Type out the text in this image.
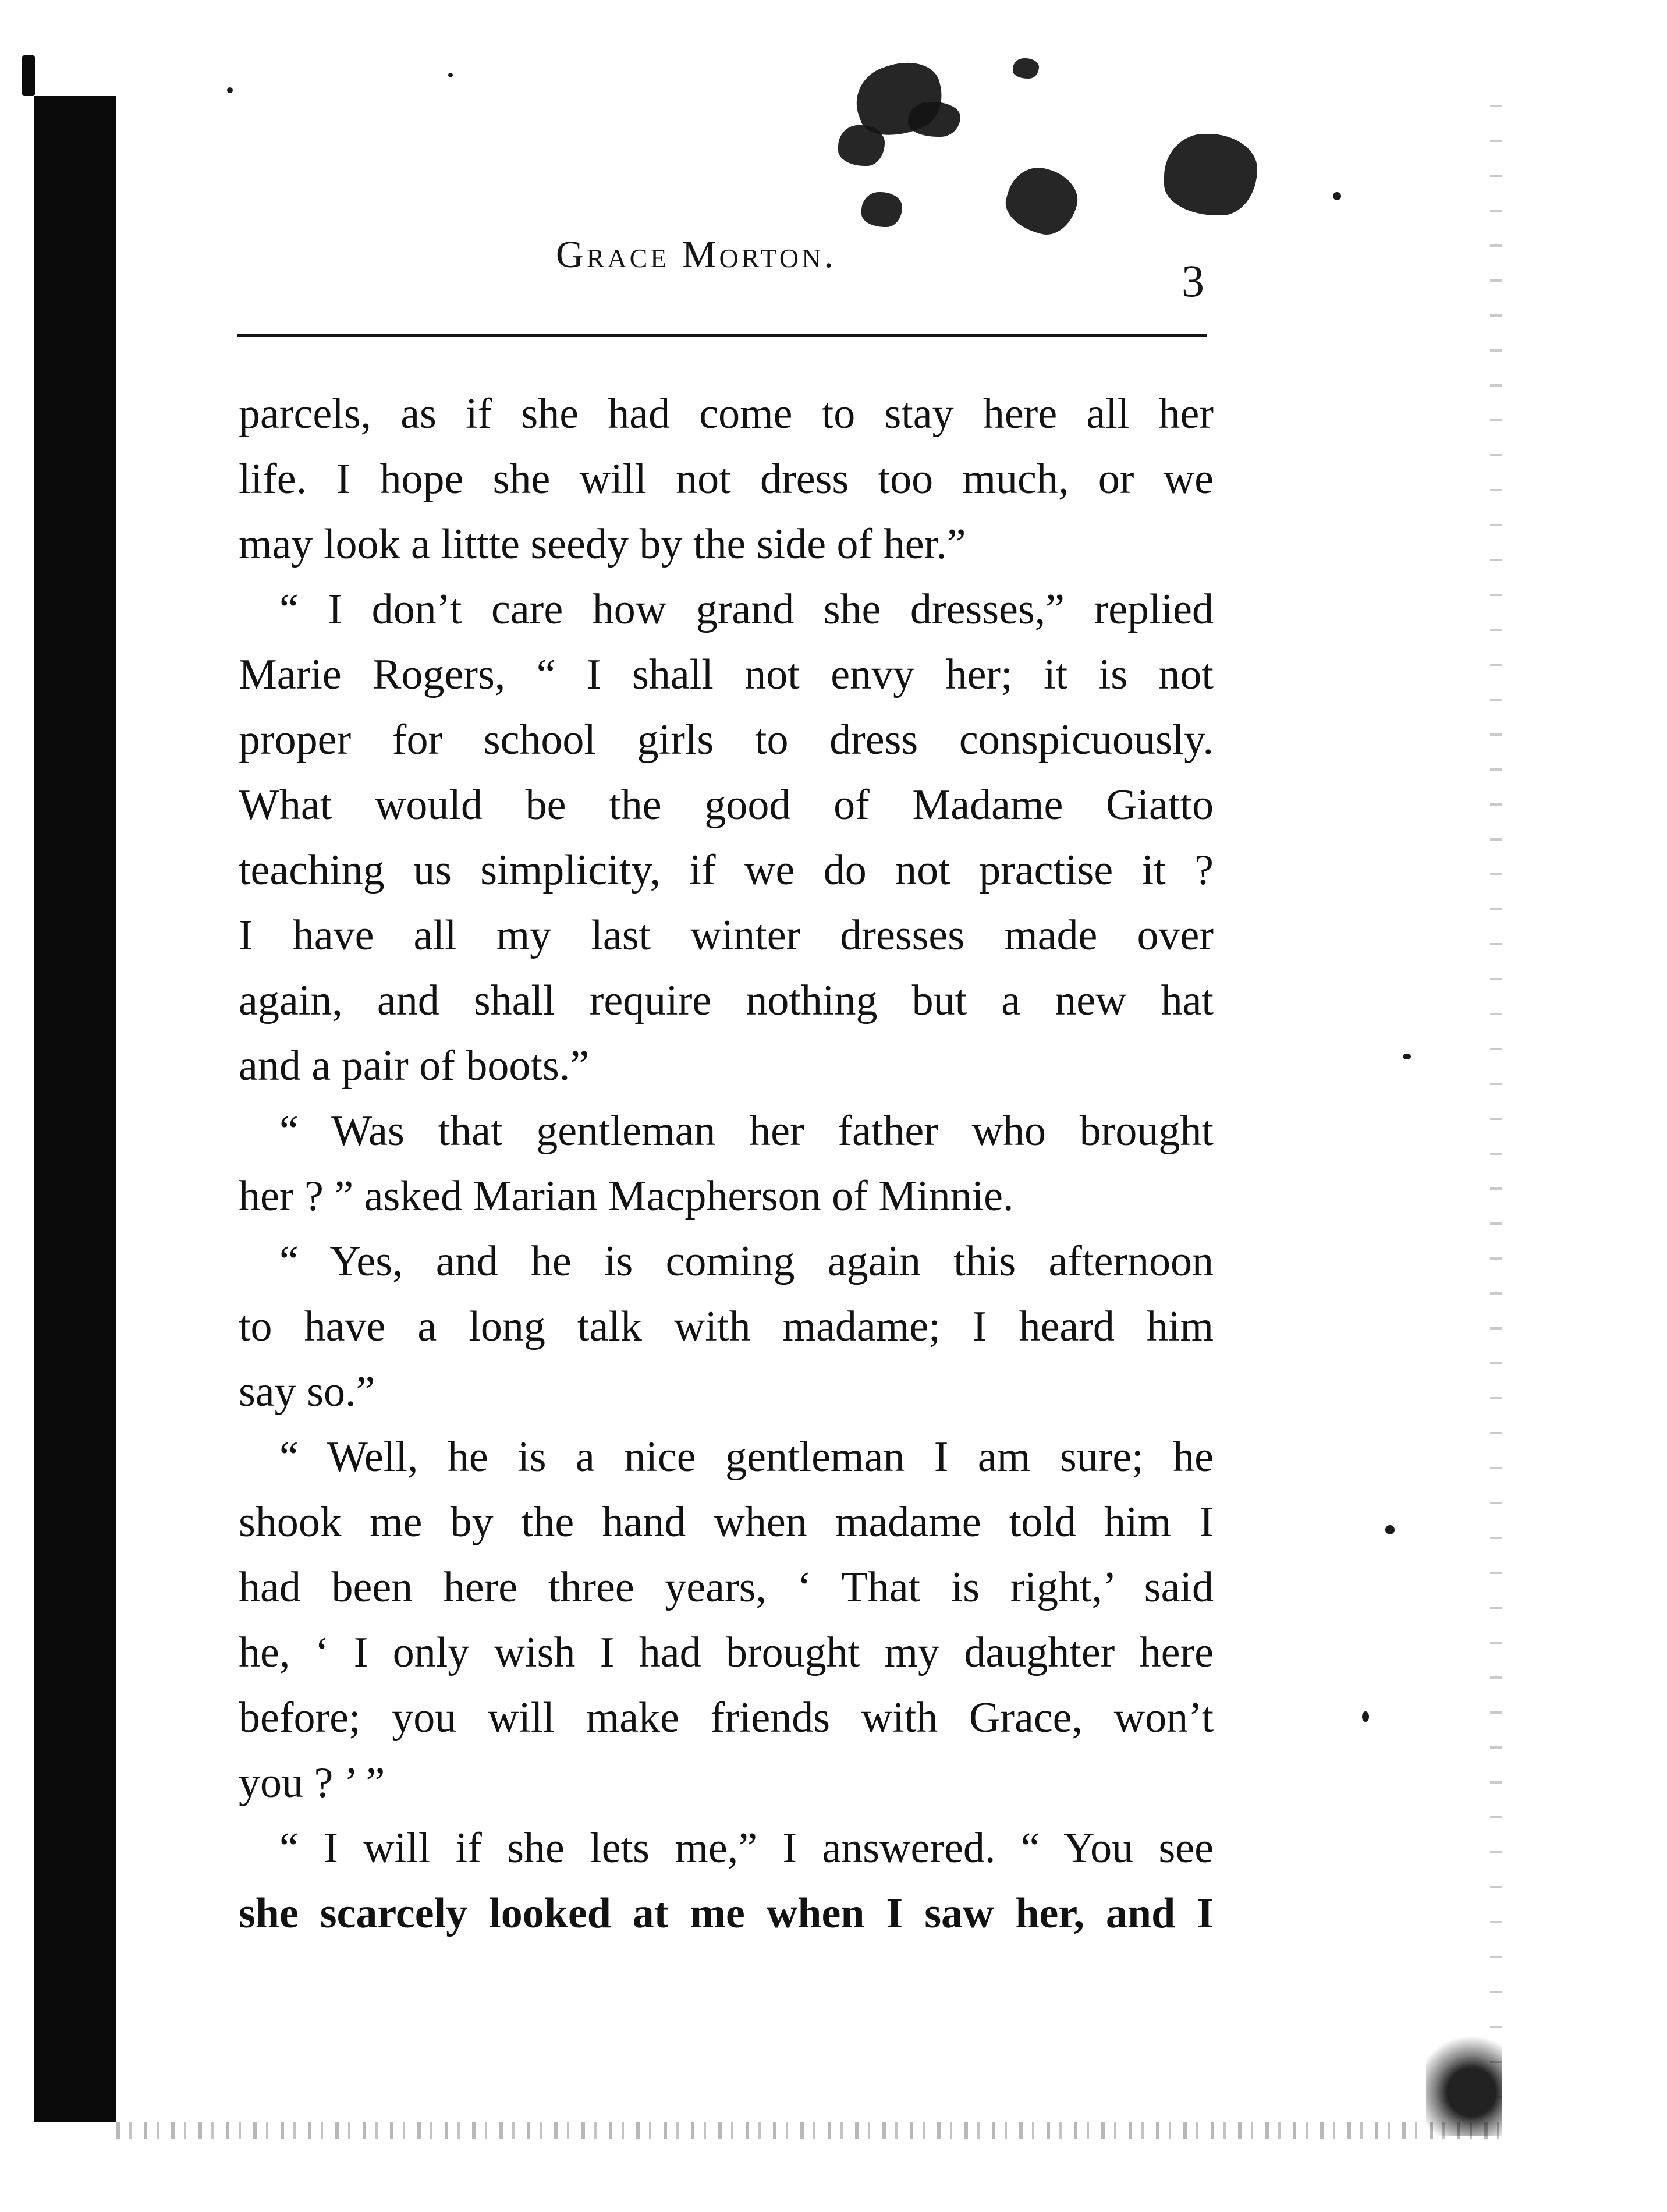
Grace Morton.
3
parcels, as if she had come to stay here all her
life. I hope she will not dress too much, or we
may look a littte seedy by the side of her.”
“ I don’t care how grand she dresses,” replied
Marie Rogers, “ I shall not envy her; it is not
proper for school girls to dress conspicuously.
What would be the good of Madame Giatto
teaching us simplicity, if we do not practise it ?
I have all my last winter dresses made over
again, and shall require nothing but a new hat
and a pair of boots.”
“ Was that gentleman her father who brought
her ? ” asked Marian Macpherson of Minnie.
“ Yes, and he is coming again this afternoon
to have a long talk with madame; I heard him
say so.”
“ Well, he is a nice gentleman I am sure; he
shook me by the hand when madame told him I
had been here three years, ‘ That is right,’ said
he, ‘ I only wish I had brought my daughter here
before; you will make friends with Grace, won’t
you ? ’ ”
“ I will if she lets me,” I answered. “ You see
she scarcely looked at me when I saw her, and I
